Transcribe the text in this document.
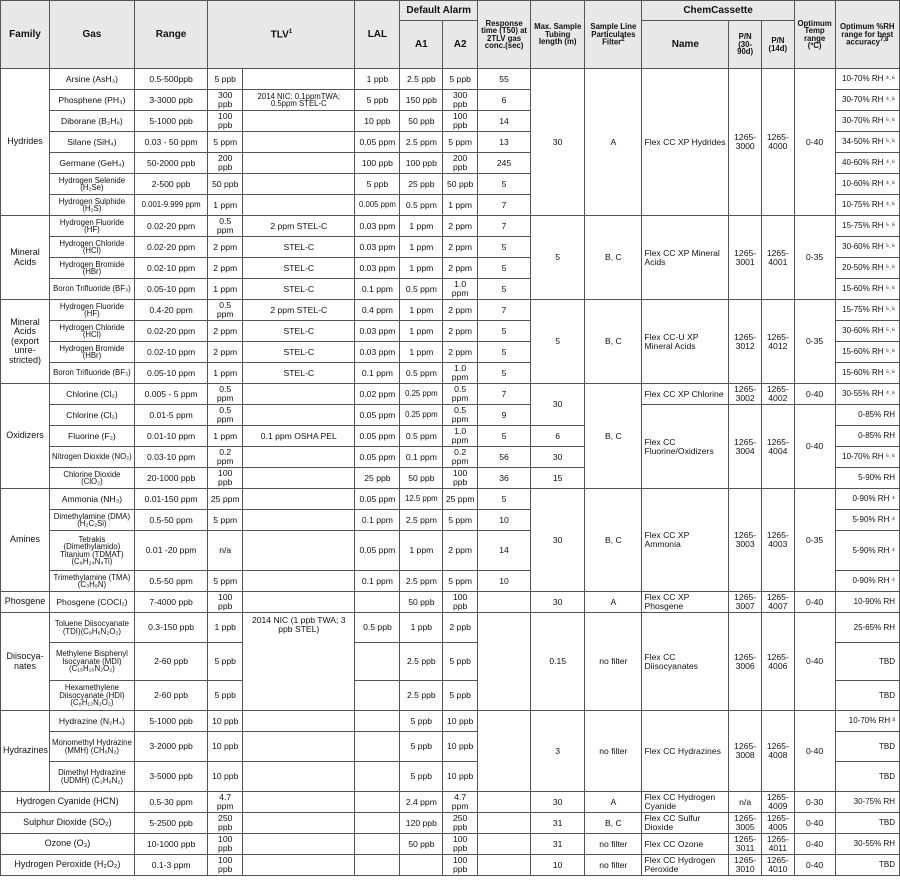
Family	Gas	Range	TLV$^1$		LAL	Default Alarm		Response time (T50) at 2TLV gas conc.(sec)	Max. Sample Tubing length (m)	Sample Line Particulates Filter$^2$	ChemCassette			Optimum Temp range (ºC)	Optimum %RH range for best accuracy$^{7,8}$
						A1	A2				Name	P/N (30-90d)	P/N (14d)		
Hydrides	Arsine (AsH₃)	0.5-500ppb	5 ppb		1 ppb	2.5 ppb	5 ppb	55	30	A	Flex CC XP Hydrides	1265-3000	1265-4000	0-40	10-70% RH ⁴˒⁶
	Phosphene (PH₃)	3-3000 ppb	300 ppb	2014 NIC: 0.1ppmTWA; 0.5ppm STEL-C	5 ppb	150 ppb	300 ppb	6							30-70% RH ⁴˒⁶
	Diborane (B₂H₆)	5-1000 ppb	100 ppb		10 ppb	50 ppb	100 ppb	14							30-70% RH ⁵˒⁶
	Silane (SiH₄)	0.03 - 50 ppm	5 ppm		0.05 ppm	2.5 ppm	5 ppm	13							34-50% RH ⁵˒⁶
	Germane (GeH₄)	50-2000 ppb	200 ppb		100 ppb	100 ppb	200 ppb	245							40-60% RH ⁴˒⁶
	Hydrogen Selenide (H₂Se)	2-500 ppb	50 ppb		5 ppb	25 ppb	50 ppb	5							10-60% RH ⁴˒⁶
	Hydrogen Sulphide (H₂S)	0.001-9.999 ppm	1 ppm		0.005 ppm	0.5 ppm	1 ppm	7							10-75% RH ⁴˒⁶
Mineral Acids	Hydrogen Fluoride (HF)	0.02-20 ppm	0.5 ppm	2 ppm STEL-C	0.03 ppm	1 ppm	2 ppm	7	5	B, C	Flex CC XP Mineral Acids	1265-3001	1265-4001	0-35	15-75% RH ⁵˒⁶
	Hydrogen Chloride (HCl)	0.02-20 ppm	2 ppm	STEL-C	0.03 ppm	1 ppm	2 ppm	5							30-60% RH ⁵˒⁶
	Hydrogen Bromide (HBr)	0.02-10 ppm	2 ppm	STEL-C	0.03 ppm	1 ppm	2 ppm	5							20-50% RH ⁵˒⁶
	Boron Trifluoride (BF₃)	0.05-10 ppm	1 ppm	STEL-C	0.1 ppm	0.5 ppm	1.0 ppm	5							15-60% RH ⁵˒⁶
Mineral Acids (export unre-stricted)	Hydrogen Fluoride (HF)	0.4-20 ppm	0.5 ppm	2 ppm STEL-C	0.4 ppm	1 ppm	2 ppm	7	5	B, C	Flex CC-U XP Mineral Acids	1265-3012	1265-4012	0-35	15-75% RH ⁵˒⁶
	Hydrogen Chloride (HCl)	0.02-20 ppm	2 ppm	STEL-C	0.03 ppm	1 ppm	2 ppm	5							30-60% RH ⁵˒⁶
	Hydrogen Bromide (HBr)	0.02-10 ppm	2 ppm	STEL-C	0.03 ppm	1 ppm	2 ppm	5							15-60% RH ⁵˒⁶
	Boron Trifluoride (BF₃)	0.05-10 ppm	1 ppm	STEL-C	0.1 ppm	0.5 ppm	1.0 ppm	5							15-60% RH ⁵˒⁶
Oxidizers	Chlorine (Cl₂)	0.005 - 5 ppm	0.5 ppm		0.02 ppm	0.25 ppm	0.5 ppm	7	30	B, C	Flex CC XP Chlorine	1265-3002	1265-4002	0-40	30-55% RH ⁴˒⁶
	Chlorine (Cl₂)	0.01-5 ppm	0.5 ppm		0.05 ppm	0.25 ppm	0.5 ppm	9			Flex CC Fluorine/Oxidizers	1265-3004	1265-4004	0-40	0-85% RH
	Fluorine (F₂)	0.01-10 ppm	1 ppm	0.1 ppm OSHA PEL	0.05 ppm	0.5 ppm	1.0 ppm	5	6						0-85% RH
	Nitrogen Dioxide (NO₂)	0.03-10 ppm	0.2 ppm		0.05 ppm	0.1 ppm	0.2 ppm	56	30						10-70% RH ⁵˒⁶
	Chlorine Dioxide (ClO₂)	20-1000 ppb	100 ppb		25 ppb	50 ppb	100 ppb	36	15						5-90% RH
Amines	Ammonia (NH₃)	0.01-150 ppm	25 ppm		0.05 ppm	12.5 ppm	25 ppm	5	30	B, C	Flex CC XP Ammonia	1265-3003	1265-4003	0-35	0-90% RH ⁴
	Dimethylamine (DMA) (H₂C₂Si)	0.5-50 ppm	5 ppm		0.1 ppm	2.5 ppm	5 ppm	10							5-90% RH ⁴
	Tetrakis (Dimethylamido) Titanium (TDMAT) (C₈H₂₄N₄Ti)	0.01 -20 ppm	n/a		0.05 ppm	1 ppm	2 ppm	14							5-90% RH ⁴
	Trimethylamine (TMA) (C₃H₉N)	0.5-50 ppm	5 ppm		0.1 ppm	2.5 ppm	5 ppm	10							0-90% RH ⁴
Phosgene	Phosgene (COCl₂)	7-4000 ppb	100 ppb			50 ppb	100 ppb		30	A	Flex CC XP Phosgene	1265-3007	1265-4007	0-40	10-90% RH
Diisocya-nates	Toluene Diisocyanate (TDI)(C₉H₆N₂O₂)	0.3-150 ppb	1 ppb	2014 NIC (1 ppb TWA; 3 ppb STEL)	0.5 ppb	1 ppb	2 ppb		0.15	no filter	Flex CC Diisocyanates	1265-3006	1265-4006	0-40	25-65% RH
	Methylene Bisphenyl Isocyanate (MDI) (C₁₅H₁₀N₂O₂)	2-60 ppb	5 ppb			2.5 ppb	5 ppb								TBD
	Hexamethylene Diisocyanate (HDI)(C₈H₁₂N₂O₂)	2-60 ppb	5 ppb			2.5 ppb	5 ppb								TBD
Hydrazines	Hydrazine (N₂H₄)	5-1000 ppb	10 ppb			5 ppb	10 ppb		3	no filter	Flex CC Hydrazines	1265-3008	1265-4008	0-40	10-70% RH ³
	Monomethyl Hydrazine (MMH) (CH₆N₂)	3-2000 ppb	10 ppb			5 ppb	10 ppb								TBD
	Dimethyl Hydrazine (UDMH) (C₂H₈N₂)	3-5000 ppb	10 ppb			5 ppb	10 ppb								TBD
Hydrogen Cyanide (HCN)		0.5-30 ppm	4.7 ppm			2.4 ppm	4.7 ppm		30	A	Flex CC Hydrogen Cyanide	n/a	1265-4009	0-30	30-75% RH
Sulphur Dioxide (SO₂)		5-2500 ppb	250 ppb			120 ppb	250 ppb		31	B, C	Flex CC Sulfur Dioxide	1265-3005	1265-4005	0-40	TBD
Ozone (O₃)		10-1000 ppb	100 ppb			50 ppb	100 ppb		31	no filter	Flex CC Ozone	1265-3011	1265-4011	0-40	30-55% RH
Hydrogen Peroxide (H₂O₂)		0.1-3 ppm	100 ppb				100 ppb		10	no filter	Flex CC Hydrogen Peroxide	1265-3010	1265-4010	0-40	TBD
